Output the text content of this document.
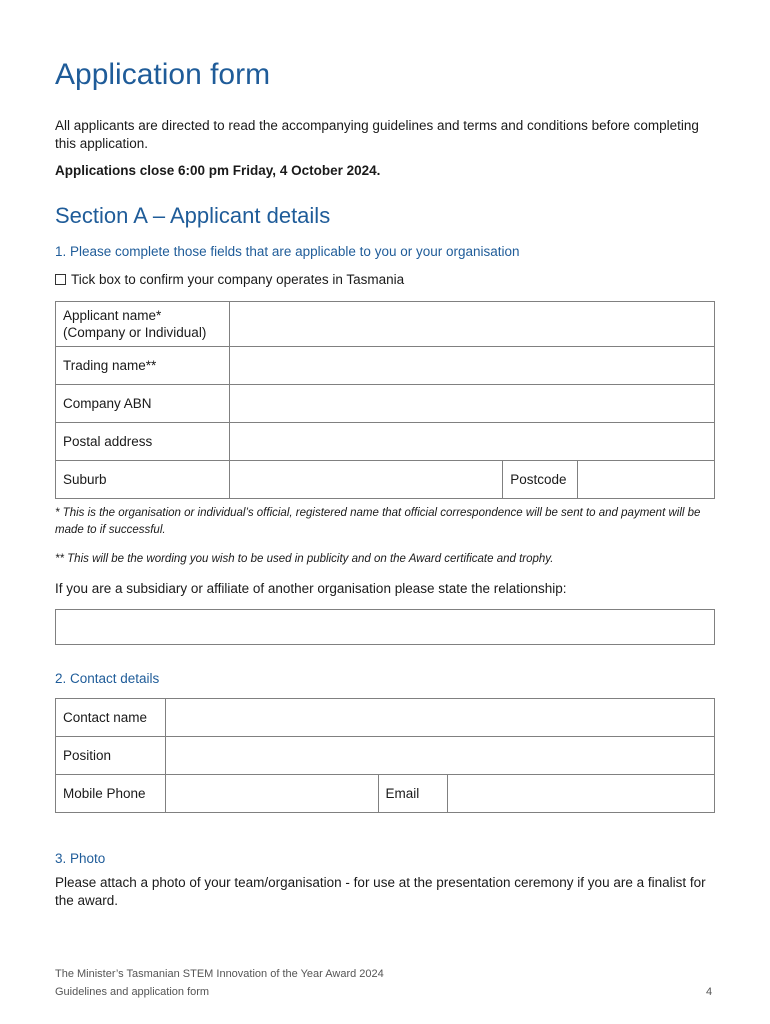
Application form

All applicants are directed to read the accompanying guidelines and terms and conditions before completing this application.

Applications close 6:00 pm Friday, 4 October 2024.

Section A – Applicant details

1. Please complete those fields that are applicable to you or your organisation

Tick box to confirm your company operates in Tasmania
Applicant name*
(Company or Individual)			

Trading name**			
Company ABN			
Postal address			
Suburb		Postcode	

* This is the organisation or individual’s official, registered name that official correspondence will be sent to and payment will be made to if successful.

** This will be the wording you wish to be used in publicity and on the Award certificate and trophy.

If you are a subsidiary or affiliate of another organisation please state the relationship:

2. Contact details

Contact name			
Position			
Mobile Phone		Email	

3. Photo

Please attach a photo of your team/organisation - for use at the presentation ceremony if you are a finalist for the award.

The Minister’s Tasmanian STEM Innovation of the Year Award 2024
Guidelines and application form	4
